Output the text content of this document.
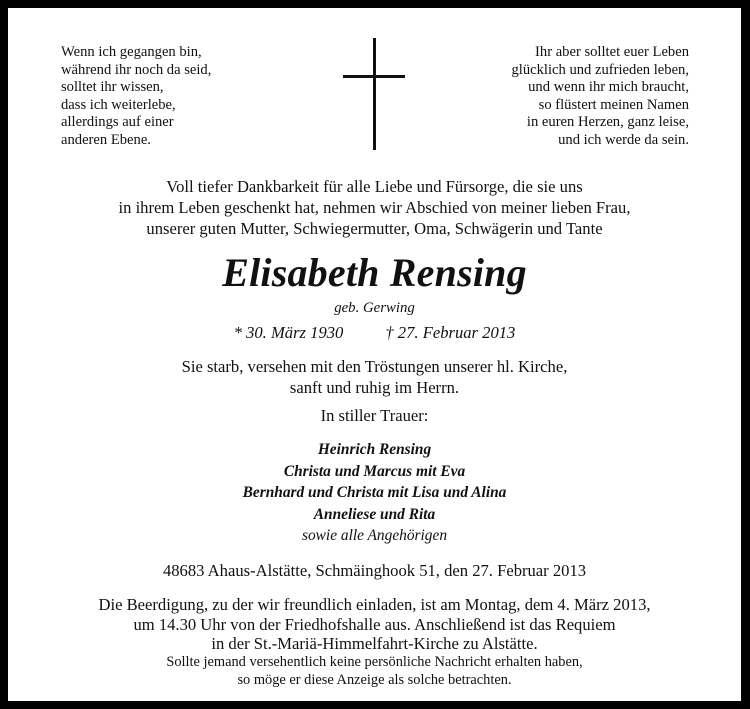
Wenn ich gegangen bin,
während ihr noch da seid,
solltet ihr wissen,
dass ich weiterlebe,
allerdings auf einer
anderen Ebene.
Ihr aber solltet euer Leben
glücklich und zufrieden leben,
und wenn ihr mich braucht,
so flüstert meinen Namen
in euren Herzen, ganz leise,
und ich werde da sein.
Voll tiefer Dankbarkeit für alle Liebe und Fürsorge, die sie uns
in ihrem Leben geschenkt hat, nehmen wir Abschied von meiner lieben Frau,
unserer guten Mutter, Schwiegermutter, Oma, Schwägerin und Tante
Elisabeth Rensing
geb. Gerwing
* 30. März 1930	† 27. Februar 2013
Sie starb, versehen mit den Tröstungen unserer hl. Kirche,
sanft und ruhig im Herrn.
In stiller Trauer:
Heinrich Rensing
Christa und Marcus mit Eva
Bernhard und Christa mit Lisa und Alina
Anneliese und Rita
sowie alle Angehörigen
48683 Ahaus-Alstätte, Schmäinghook 51, den 27. Februar 2013
Die Beerdigung, zu der wir freundlich einladen, ist am Montag, dem 4. März 2013,
um 14.30 Uhr von der Friedhofshalle aus. Anschließend ist das Requiem
in der St.-Mariä-Himmelfahrt-Kirche zu Alstätte.
Sollte jemand versehentlich keine persönliche Nachricht erhalten haben,
so möge er diese Anzeige als solche betrachten.
